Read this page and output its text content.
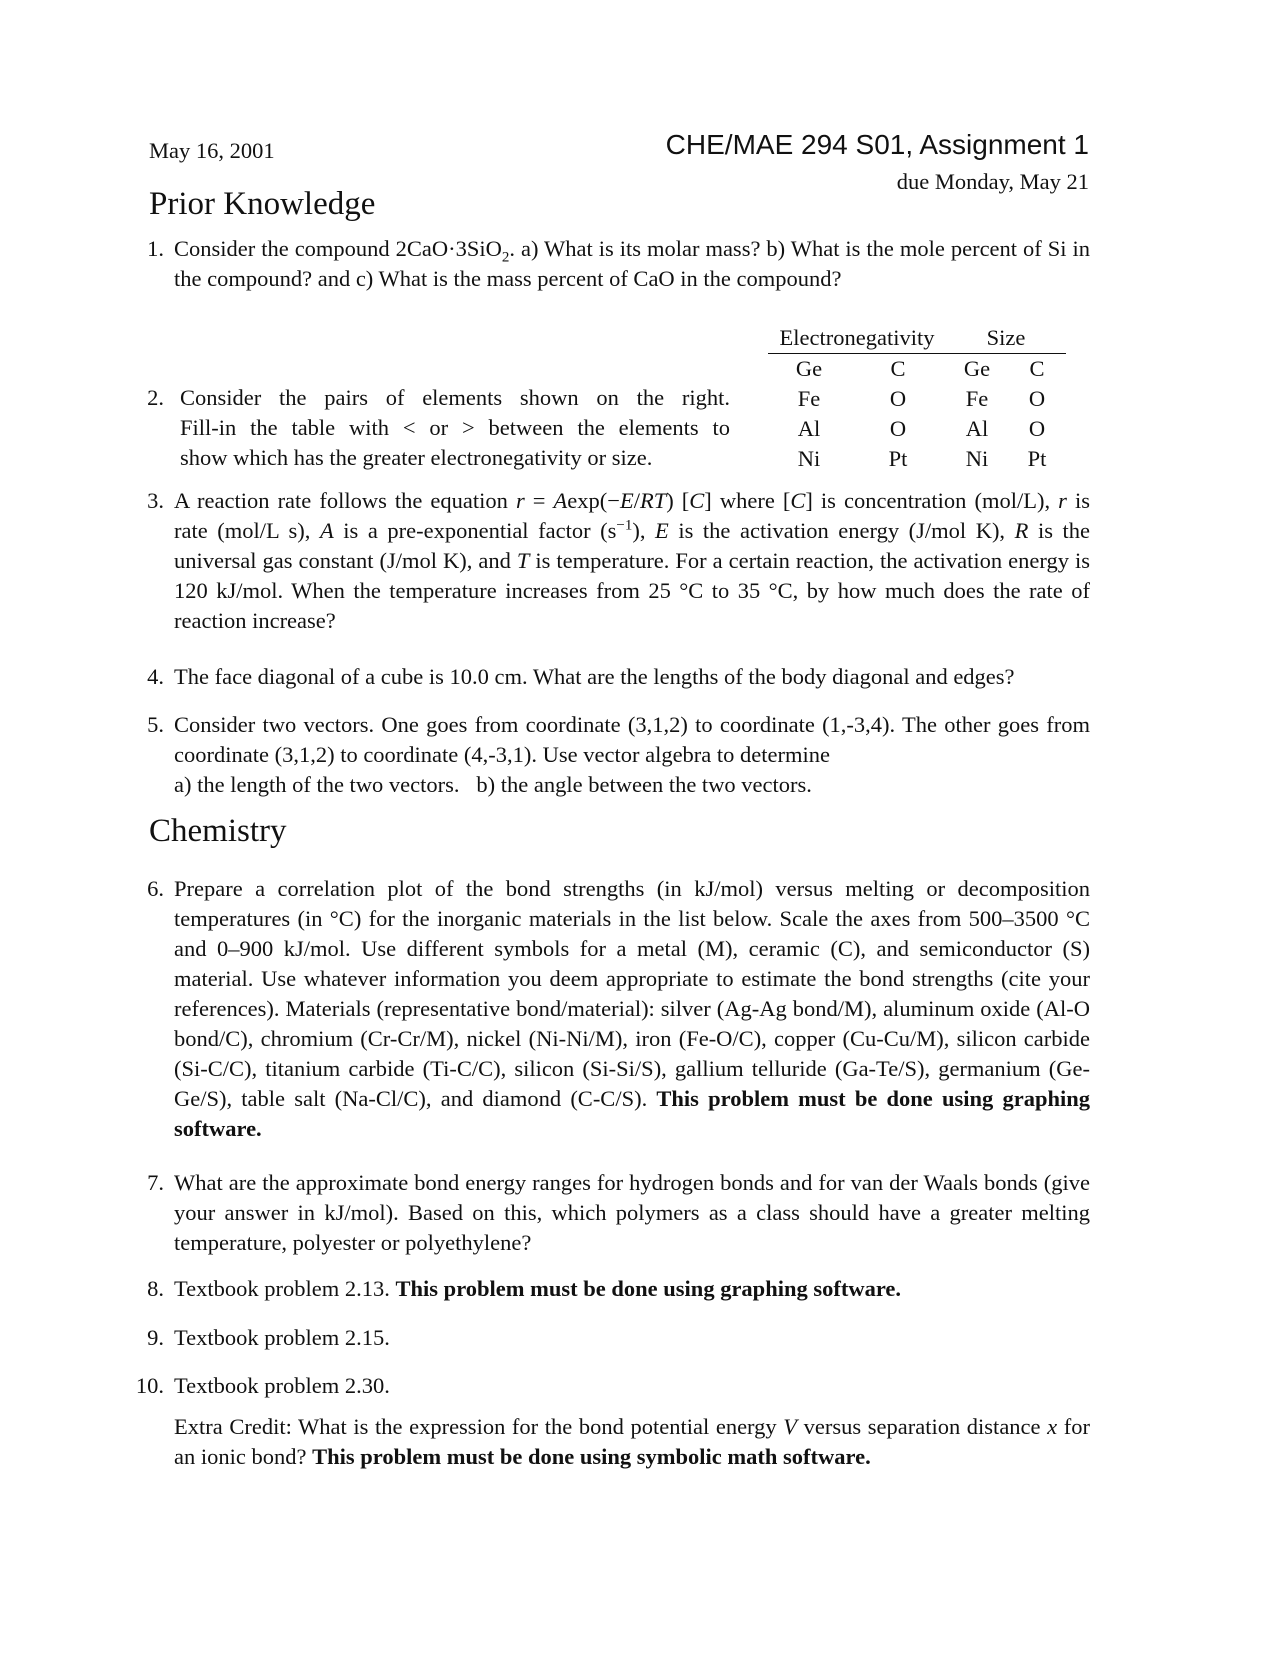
May 16, 2001	CHE/MAE 294 S01, Assignment 1
due Monday, May 21
Prior Knowledge
1. Consider the compound 2CaO·3SiO$_2$. a) What is its molar mass? b) What is the mole percent of Si in the compound? and c) What is the mass percent of CaO in the compound?
2. Consider the pairs of elements shown on the right.
Fill-in the table with < or > between the elements to
show which has the greater electronegativity or size.
Electronegativity		Size	
Ge	C	Ge	C
Fe	O	Fe	O
Al	O	Al	O
Ni	Pt	Ni	Pt
3. A reaction rate follows the equation r = Aexp(−E/RT) [C] where [C] is concentration (mol/L), r is rate (mol/L s), A is a pre-exponential factor $(s^{-1})$, E is the activation energy (J/mol K), R is the universal gas constant (J/mol K), and T is temperature. For a certain reaction, the activation energy is 120 kJ/mol. When the temperature increases from 25 °C to 35 °C, by how much does the rate of reaction increase?
4. The face diagonal of a cube is 10.0 cm. What are the lengths of the body diagonal and edges?
5. Consider two vectors. One goes from coordinate (3,1,2) to coordinate (1,-3,4). The other goes from coordinate (3,1,2) to coordinate (4,-3,1). Use vector algebra to determine

a) the length of the two vectors.   b) the angle between the two vectors.

Chemistry
6. Prepare a correlation plot of the bond strengths (in kJ/mol) versus melting or decomposition temperatures (in °C) for the inorganic materials in the list below. Scale the axes from 500–3500 °C and 0–900 kJ/mol. Use different symbols for a metal (M), ceramic (C), and semiconductor (S) material. Use whatever information you deem appropriate to estimate the bond strengths (cite your references). Materials (representative bond/material): silver (Ag-Ag bond/M), aluminum oxide (Al-O bond/C), chromium (Cr-Cr/M), nickel (Ni-Ni/M), iron (Fe-O/C), copper (Cu-Cu/M), silicon carbide (Si-C/C), titanium carbide (Ti-C/C), silicon (Si-Si/S), gallium telluride (Ga-Te/S), germanium (Ge-Ge/S), table salt (Na-Cl/C), and diamond (C-C/S). This problem must be done using graphing software.
7. What are the approximate bond energy ranges for hydrogen bonds and for van der Waals bonds (give your answer in kJ/mol). Based on this, which polymers as a class should have a greater melting temperature, polyester or polyethylene?
8. Textbook problem 2.13. This problem must be done using graphing software.
9. Textbook problem 2.15.
10. Textbook problem 2.30.
Extra Credit: What is the expression for the bond potential energy V versus separation distance x for an ionic bond? This problem must be done using symbolic math software.
